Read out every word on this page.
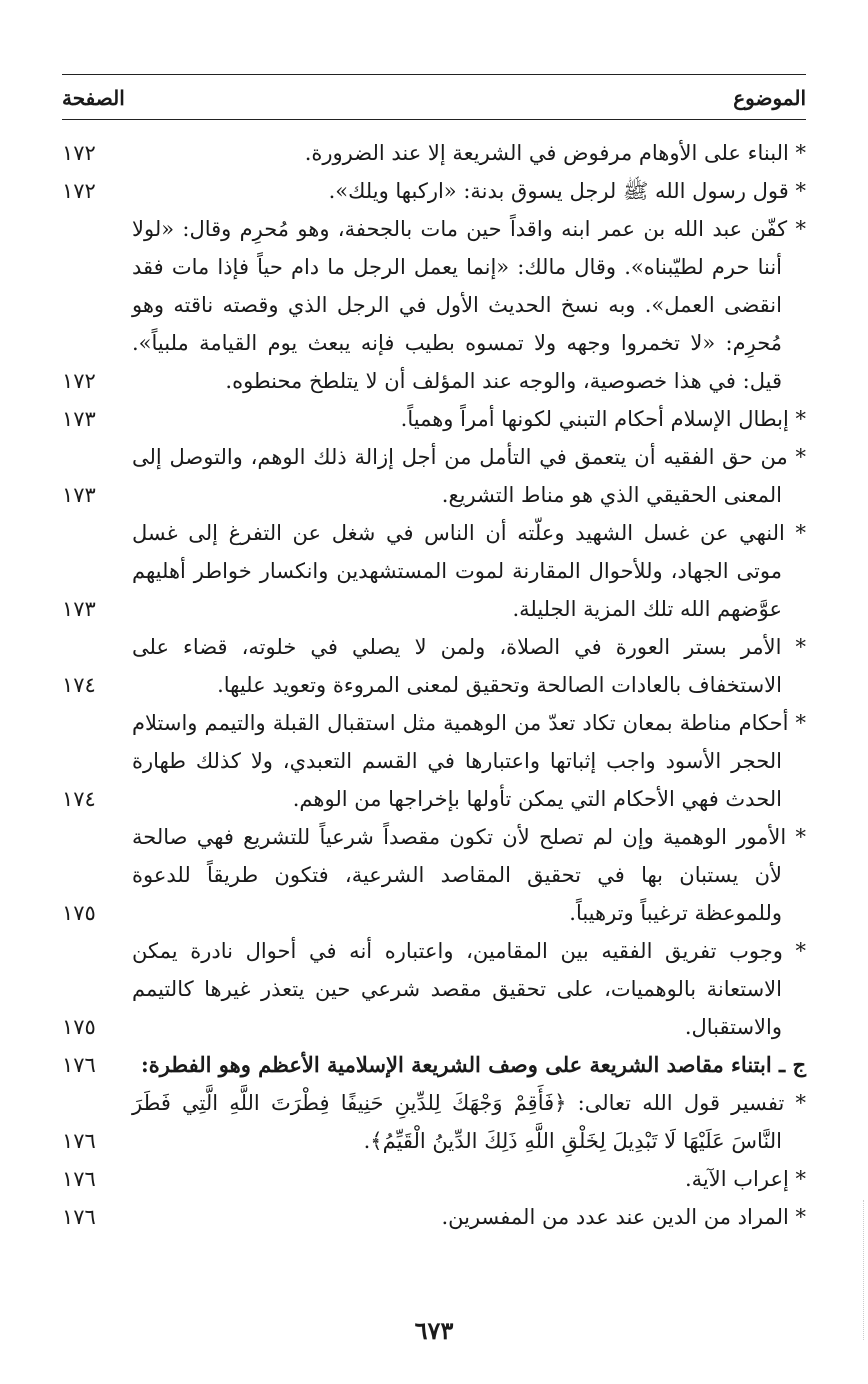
الموضوع
الصفحة
* البناء على الأوهام مرفوض في الشريعة إلا عند الضرورة.
١٧٢
* قول رسول الله ﷺ لرجل يسوق بدنة: «اركبها ويلك».
١٧٢
* كفّن عبد الله بن عمر ابنه واقداً حين مات بالجحفة، وهو مُحرِم وقال: «لولا أننا حرم لطيّبناه». وقال مالك: «إنما يعمل الرجل ما دام حياً فإذا مات فقد انقضى العمل». وبه نسخ الحديث الأول في الرجل الذي وقصته ناقته وهو مُحرِم: «لا تخمروا وجهه ولا تمسوه بطيب فإنه يبعث يوم القيامة ملبياً». قيل: في هذا خصوصية، والوجه عند المؤلف أن لا يتلطخ محنطوه.
١٧٢
* إبطال الإسلام أحكام التبني لكونها أمراً وهمياً.
١٧٣
* من حق الفقيه أن يتعمق في التأمل من أجل إزالة ذلك الوهم، والتوصل إلى المعنى الحقيقي الذي هو مناط التشريع.
١٧٣
* النهي عن غسل الشهيد وعلّته أن الناس في شغل عن التفرغ إلى غسل موتى الجهاد، وللأحوال المقارنة لموت المستشهدين وانكسار خواطر أهليهم عوَّضهم الله تلك المزية الجليلة.
١٧٣
* الأمر بستر العورة في الصلاة، ولمن لا يصلي في خلوته، قضاء على الاستخفاف بالعادات الصالحة وتحقيق لمعنى المروءة وتعويد عليها.
١٧٤
* أحكام مناطة بمعان تكاد تعدّ من الوهمية مثل استقبال القبلة والتيمم واستلام الحجر الأسود واجب إثباتها واعتبارها في القسم التعبدي، ولا كذلك طهارة الحدث فهي الأحكام التي يمكن تأولها بإخراجها من الوهم.
١٧٤
* الأمور الوهمية وإن لم تصلح لأن تكون مقصداً شرعياً للتشريع فهي صالحة لأن يستبان بها في تحقيق المقاصد الشرعية، فتكون طريقاً للدعوة وللموعظة ترغيباً وترهيباً.
١٧٥
* وجوب تفريق الفقيه بين المقامين، واعتباره أنه في أحوال نادرة يمكن الاستعانة بالوهميات، على تحقيق مقصد شرعي حين يتعذر غيرها كالتيمم والاستقبال.
١٧٥
ج ـ ابتناء مقاصد الشريعة على وصف الشريعة الإسلامية الأعظم وهو الفطرة:
١٧٦
* تفسير قول الله تعالى: ﴿فَأَقِمْ وَجْهَكَ لِلدِّينِ حَنِيفًا فِطْرَتَ اللَّهِ الَّتِي فَطَرَ النَّاسَ عَلَيْهَا لَا تَبْدِيلَ لِخَلْقِ اللَّهِ ذَلِكَ الدِّينُ الْقَيِّمُ﴾.
١٧٦
* إعراب الآية.
١٧٦
* المراد من الدين عند عدد من المفسرين.
١٧٦
٦٧٣
